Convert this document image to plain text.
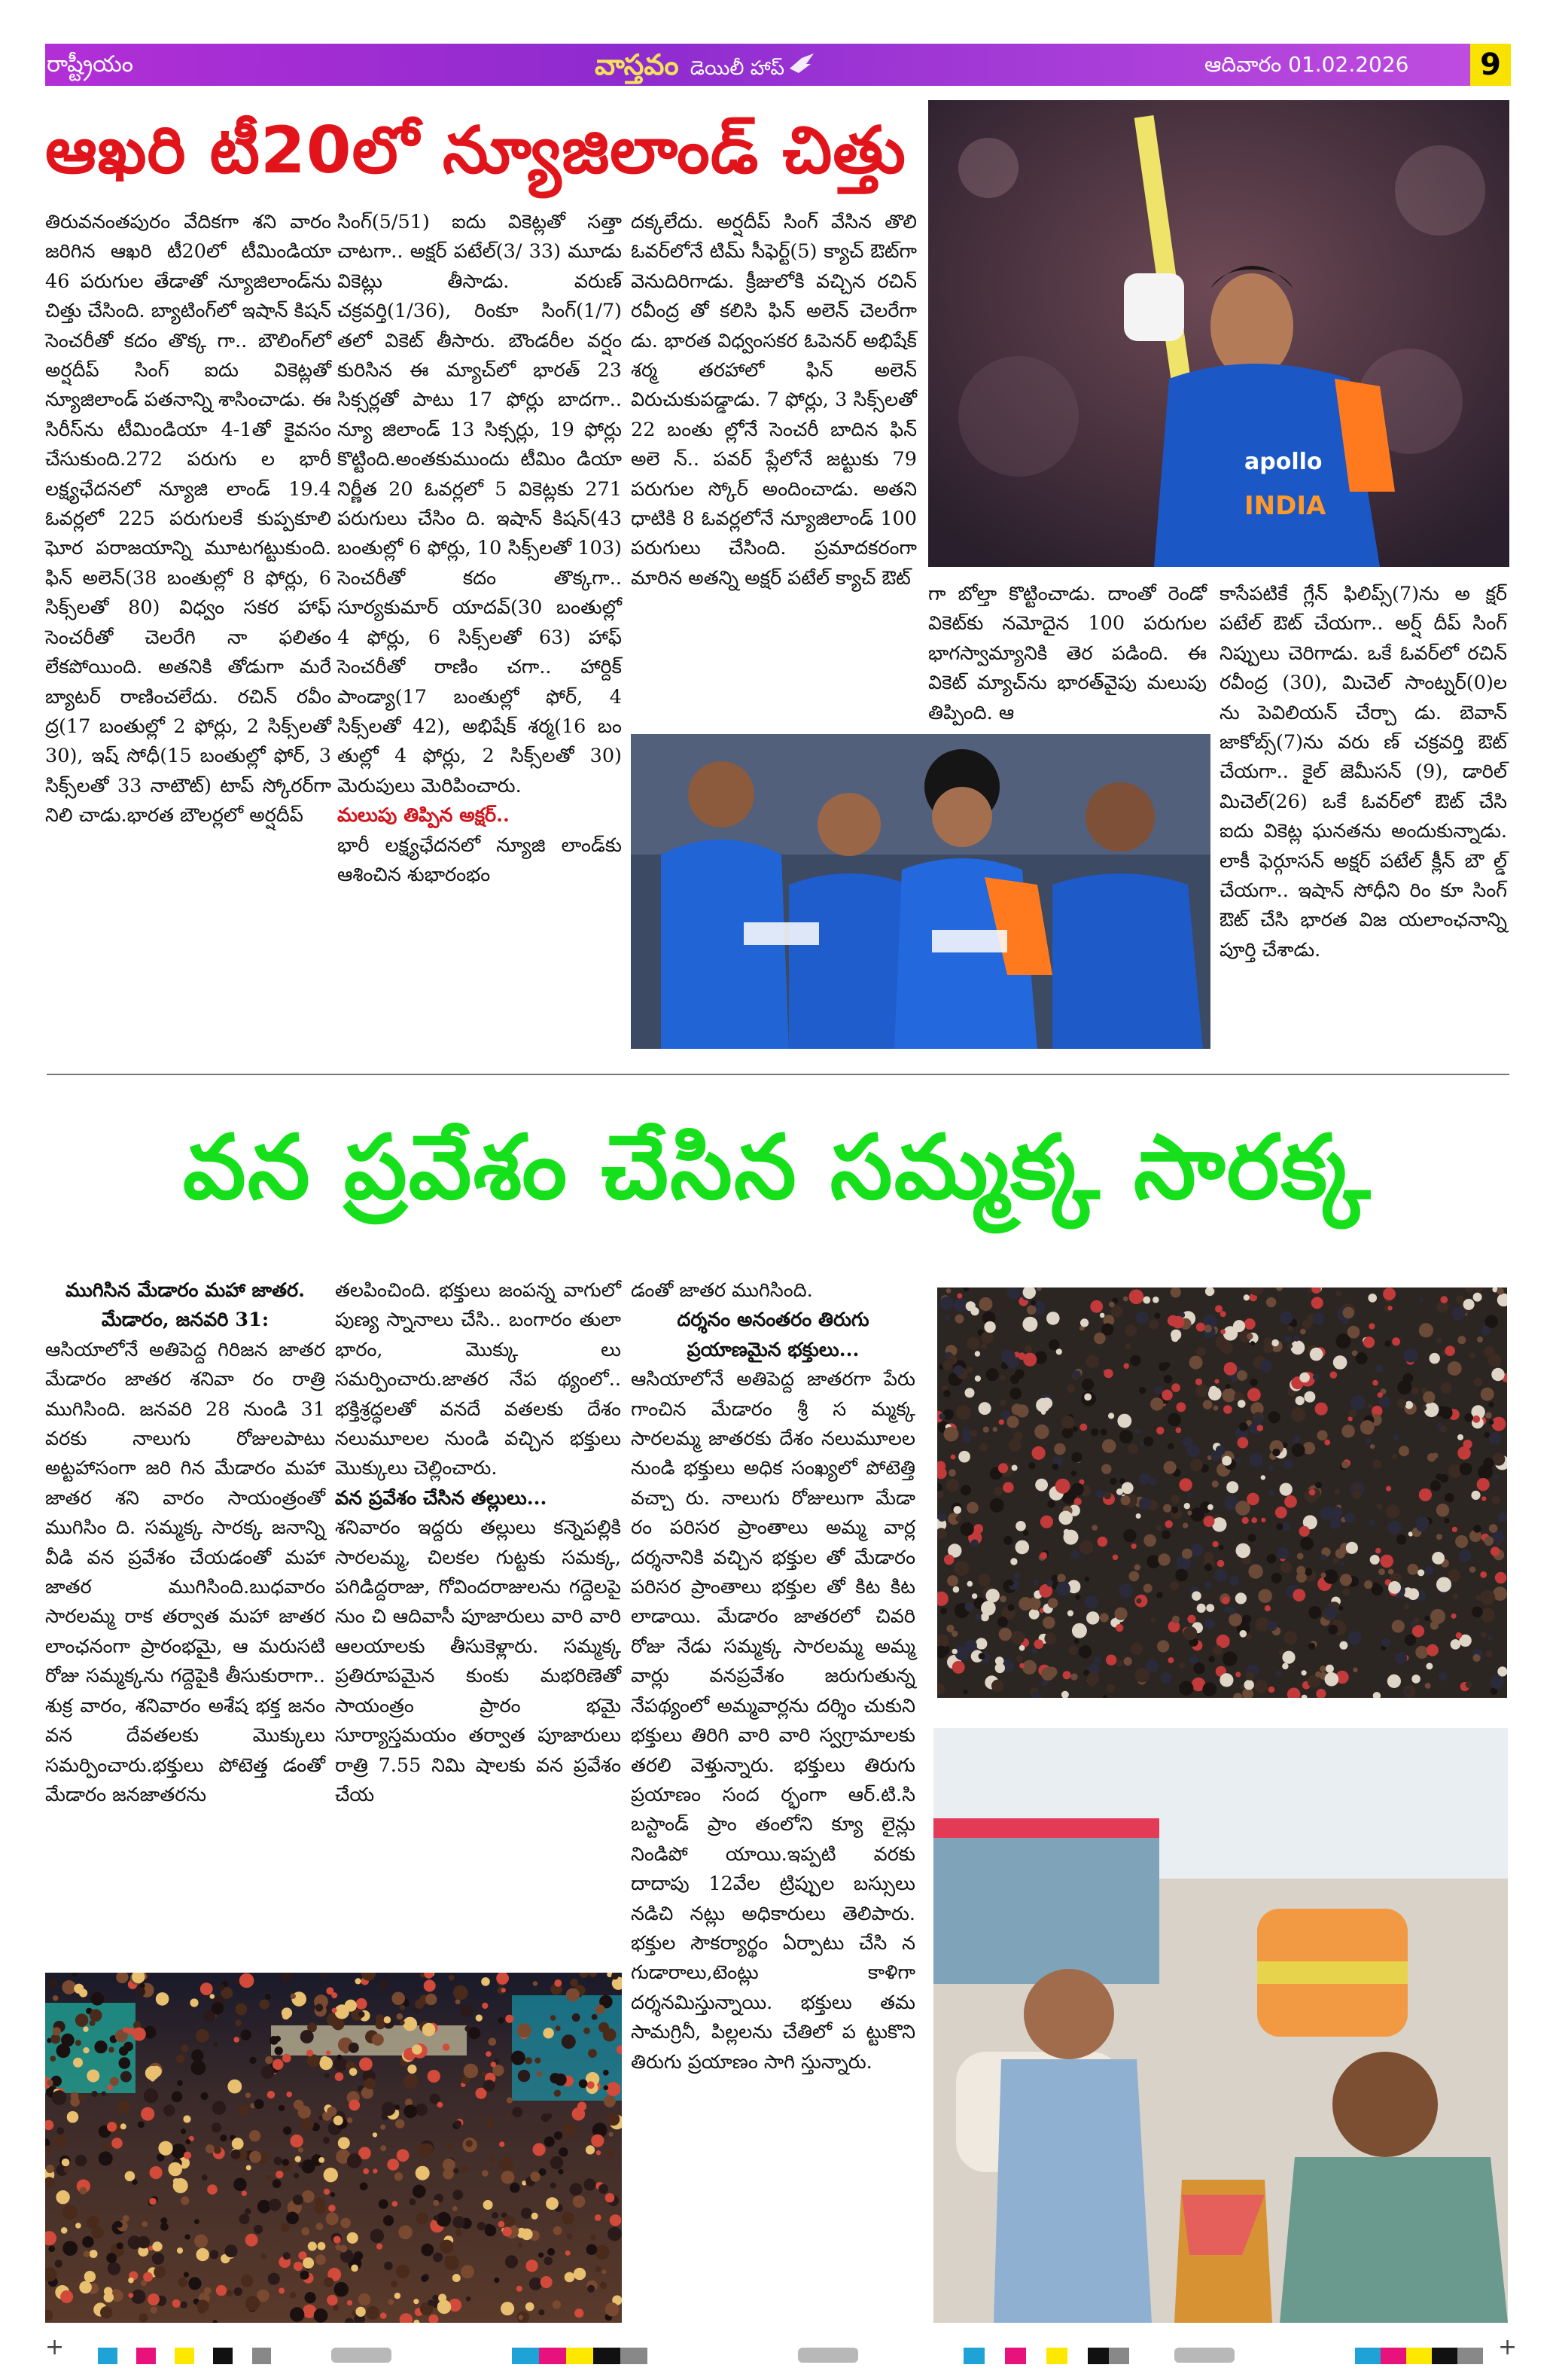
రాష్ట్రీయం	వాస్తవం డెయిలీ హాప్	ఆదివారం 01.02.2026	9
ఆఖరి టీ20లో న్యూజిలాండ్ చిత్తు
apollo
INDIA

తిరువనంతపురం వేదికగా శని వారం జరిగిన ఆఖరి టీ20లో టీమిండియా 46 పరుగుల తేడాతో న్యూజిలాండ్‌ను చిత్తు చేసింది. బ్యాటింగ్‌లో ఇషాన్ కిషన్ సెంచరీతో కదం తొక్క గా.. బౌలింగ్‌లో అర్షదీప్ సింగ్ ఐదు వికెట్లతో న్యూజిలాండ్ పతనాన్ని శాసించాడు. ఈ సిరీస్‌ను టీమిండియా 4-1తో కైవసం చేసుకుంది.272 పరుగు ల భారీ లక్ష్యఛేదనలో న్యూజి లాండ్ 19.4 ఓవర్లలో 225 పరుగులకే కుప్పకూలి ఘోర పరాజయాన్ని మూటగట్టుకుంది. ఫిన్ అలెన్(38 బంతుల్లో 8 ఫోర్లు, 6 సిక్స్‌లతో 80) విధ్వం సకర హాఫ్ సెంచరీతో చెలరేగి నా ఫలితం లేకపోయింది. అతనికి తోడుగా మరే బ్యాటర్ రాణించలేదు. రచిన్ రవీం ద్ర(17 బంతుల్లో 2 ఫోర్లు, 2 సిక్స్‌లతో 30), ఇష్ సోధీ(15 బంతుల్లో ఫోర్, 3 సిక్స్‌లతో 33 నాటౌట్) టాప్ స్కోరర్‌గా నిలి చాడు.భారత బౌలర్లలో అర్షదీప్

సింగ్(5/51) ఐదు వికెట్లతో సత్తా చాటగా.. అక్షర్ పటేల్(3/ 33) మూడు వికెట్లు తీసాడు. వరుణ్ చక్రవర్తి(1/36), రింకూ సింగ్(1/7) తలో వికెట్ తీసారు. బౌండరీల వర్షం కురిసిన ఈ మ్యాచ్‌లో భారత్ 23 సిక్సర్లతో పాటు 17 ఫోర్లు బాదగా.. న్యూ జిలాండ్ 13 సిక్సర్లు, 19 ఫోర్లు కొట్టింది.అంతకుముందు టీమిం డియా నిర్ణీత 20 ఓవర్లలో 5 వికెట్లకు 271 పరుగులు చేసిం ది. ఇషాన్ కిషన్(43 బంతుల్లో 6 ఫోర్లు, 10 సిక్స్‌లతో 103) సెంచరీతో కదం తొక్కగా.. సూర్యకుమార్ యాదవ్(30 బంతుల్లో 4 ఫోర్లు, 6 సిక్స్‌లతో 63) హాఫ్ సెంచరీతో రాణిం చగా.. హార్దిక్ పాండ్యా(17 బంతుల్లో ఫోర్, 4 సిక్స్‌లతో 42), అభిషేక్ శర్మ(16 బం తుల్లో 4 ఫోర్లు, 2 సిక్స్‌లతో 30) మెరుపులు మెరిపించారు.

మలుపు తిప్పిన అక్షర్..

భారీ లక్ష్యఛేదనలో న్యూజి లాండ్‌కు ఆశించిన శుభారంభం

దక్కలేదు. అర్షదీప్ సింగ్ వేసిన తొలి ఓవర్‌లోనే టిమ్ సీఫెర్ట్(5) క్యాచ్ ఔట్‌గా వెనుదిరిగాడు. క్రీజులోకి వచ్చిన రచిన్ రవీంద్ర తో కలిసి ఫిన్ అలెన్ చెలరేగా డు. భారత విధ్వంసకర ఓపెనర్ అభిషేక్ శర్మ తరహాలో ఫిన్ అలెన్ విరుచుకుపడ్డాడు. 7 ఫోర్లు, 3 సిక్స్‌లతో 22 బంతు ల్లోనే సెంచరీ బాదిన ఫిన్ అలె న్.. పవర్ ప్లేలోనే జట్టుకు 79 పరుగుల స్కోర్ అందించాడు. అతని ధాటికి 8 ఓవర్లలోనే న్యూజిలాండ్ 100 పరుగులు చేసింది. ప్రమాదకరంగా మారిన అతన్ని అక్షర్ పటేల్ క్యాచ్ ఔట్

గా బోల్తా కొట్టించాడు. దాంతో రెండో వికెట్‌కు నమోదైన 100 పరుగుల భాగస్వామ్యానికి తెర పడింది. ఈ వికెట్ మ్యాచ్‌ను భారత్‌వైపు మలుపు తిప్పింది. ఆ

కాసేపటికే గ్లేన్ ఫిలిప్స్(7)ను అ క్షర్ పటేల్ ఔట్ చేయగా.. అర్ష్ దీప్ సింగ్ నిప్పులు చెరిగాడు. ఒకే ఓవర్‌లో రచిన్ రవీంద్ర (30), మిచెల్ సాంట్నర్(0)ల ను పెవిలియన్ చేర్చా డు. బెవాన్ జాకోబ్స్(7)ను వరు ణ్ చక్రవర్తి ఔట్ చేయగా.. కైల్ జెమీసన్ (9), డారిల్ మిచెల్(26) ఒకే ఓవర్‌లో ఔట్ చేసి ఐదు వికెట్ల ఘనతను అందుకున్నాడు. లాకీ ఫెర్గూసన్ అక్షర్ పటేల్ క్లీన్ బౌ ల్డ్ చేయగా.. ఇషాన్ సోధీని రిం కూ సింగ్ ఔట్ చేసి భారత విజ యలాంఛనాన్ని పూర్తి చేశాడు.

వన ప్రవేశం చేసిన సమ్మక్క సారక్క

ముగిసిన మేడారం మహా జాతర.

మేడారం, జనవరి 31:

ఆసియాలోనే అతిపెద్ద గిరిజన జాతర మేడారం జాతర శనివా రం రాత్రి ముగిసింది. జనవరి 28 నుండి 31 వరకు నాలుగు రోజులపాటు అట్టహాసంగా జరి గిన మేడారం మహా జాతర శని వారం సాయంత్రంతో ముగిసిం ది. సమ్మక్క సారక్క జనాన్ని వీడి వన ప్రవేశం చేయడంతో మహా జాతర ముగిసింది.బుధవారం సారలమ్మ రాక తర్వాత మహా జాతర లాంఛనంగా ప్రారంభమై, ఆ మరుసటి రోజు సమ్మక్కను గద్దెపైకి తీసుకురాగా.. శుక్ర వారం, శనివారం అశేష భక్త జనం వన దేవతలకు మొక్కులు సమర్పించారు.భక్తులు పోటెత్త డంతో మేడారం జనజాతరను

తలపించింది. భక్తులు జంపన్న వాగులో పుణ్య స్నానాలు చేసి.. బంగారం తులా భారం, మొక్కు లు సమర్పించారు.జాతర నేప థ్యంలో.. భక్తిశ్రద్ధలతో వనదే వతలకు దేశం నలుమూలల నుండి వచ్చిన భక్తులు మొక్కులు చెల్లించారు.

వన ప్రవేశం చేసిన తల్లులు...

శనివారం ఇద్దరు తల్లులు కన్నెపల్లికి సారలమ్మ, చిలకల గుట్టకు సమక్క, పగిడిద్దరాజు, గోవిందరాజులను గద్దెలపై నుం చి ఆదివాసీ పూజారులు వారి వారి ఆలయాలకు తీసుకెళ్లారు. సమ్మక్క ప్రతిరూపమైన కుంకు మభరిణెతో సాయంత్రం ప్రారం భమై సూర్యాస్తమయం తర్వాత పూజారులు రాత్రి 7.55 నిమి షాలకు వన ప్రవేశం చేయ

డంతో జాతర ముగిసింది.

దర్శనం అనంతరం తిరుగు ప్రయాణమైన భక్తులు...

ఆసియాలోనే అతిపెద్ద జాతరగా పేరు గాంచిన మేడారం శ్రీ స మ్మక్క సారలమ్మ జాతరకు దేశం నలుమూలల నుండి భక్తులు అధిక సంఖ్యలో పోటెత్తి వచ్చా రు. నాలుగు రోజులుగా మేడా రం పరిసర ప్రాంతాలు అమ్మ వార్ల దర్శనానికి వచ్చిన భక్తుల తో మేడారం పరిసర ప్రాంతాలు భక్తుల తో కిట కిట లాడాయి. మేడారం జాతరలో చివరి రోజు నేడు సమ్మక్క సారలమ్మ అమ్మ వార్లు వనప్రవేశం జరుగుతున్న నేపథ్యంలో అమ్మవార్లను దర్శిం చుకుని భక్తులు తిరిగి వారి వారి స్వగ్రామాలకు తరలి వెళ్తున్నారు. భక్తులు తిరుగు ప్రయాణం సంద ర్భంగా ఆర్.టి.సి బస్టాండ్ ప్రాం తంలోని క్యూ లైన్లు నిండిపో యాయి.ఇప్పటి వరకు దాదాపు 12వేల ట్రిప్పుల బస్సులు నడిచి నట్లు అధికారులు తెలిపారు. భక్తుల సౌకర్యార్థం ఏర్పాటు చేసి న గుడారాలు,టెంట్లు కాళిగా దర్శనమిస్తున్నాయి. భక్తులు తమ సామగ్రినీ, పిల్లలను చేతిలో ప ట్టుకొని తిరుగు ప్రయాణం సాగి స్తున్నారు.

+	+
